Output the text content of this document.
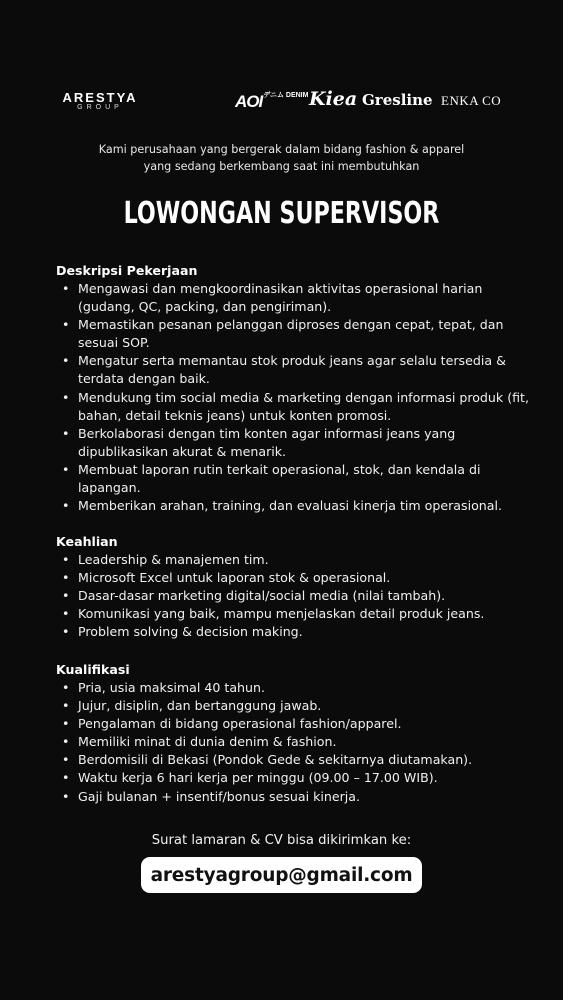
ARESTYA
GROUP	AOIデニム DENIM Kiea Gresline ENKA CO
Kami perusahaan yang bergerak dalam bidang fashion & apparel
yang sedang berkembang saat ini membutuhkan
LOWONGAN SUPERVISOR
Deskripsi Pekerjaan
• Mengawasi dan mengkoordinasikan aktivitas operasional harian (gudang, QC, packing, dan pengiriman).
• Memastikan pesanan pelanggan diproses dengan cepat, tepat, dan sesuai SOP.
• Mengatur serta memantau stok produk jeans agar selalu tersedia & terdata dengan baik.
• Mendukung tim social media & marketing dengan informasi produk (fit, bahan, detail teknis jeans) untuk konten promosi.
• Berkolaborasi dengan tim konten agar informasi jeans yang dipublikasikan akurat & menarik.
• Membuat laporan rutin terkait operasional, stok, dan kendala di lapangan.
• Memberikan arahan, training, dan evaluasi kinerja tim operasional.
Keahlian
• Leadership & manajemen tim.
• Microsoft Excel untuk laporan stok & operasional.
• Dasar-dasar marketing digital/social media (nilai tambah).
• Komunikasi yang baik, mampu menjelaskan detail produk jeans.
• Problem solving & decision making.
Kualifikasi
• Pria, usia maksimal 40 tahun.
• Jujur, disiplin, dan bertanggung jawab.
• Pengalaman di bidang operasional fashion/apparel.
• Memiliki minat di dunia denim & fashion.
• Berdomisili di Bekasi (Pondok Gede & sekitarnya diutamakan).
• Waktu kerja 6 hari kerja per minggu (09.00 – 17.00 WIB).
• Gaji bulanan + insentif/bonus sesuai kinerja.
Surat lamaran & CV bisa dikirimkan ke:
arestyagroup@gmail.com
